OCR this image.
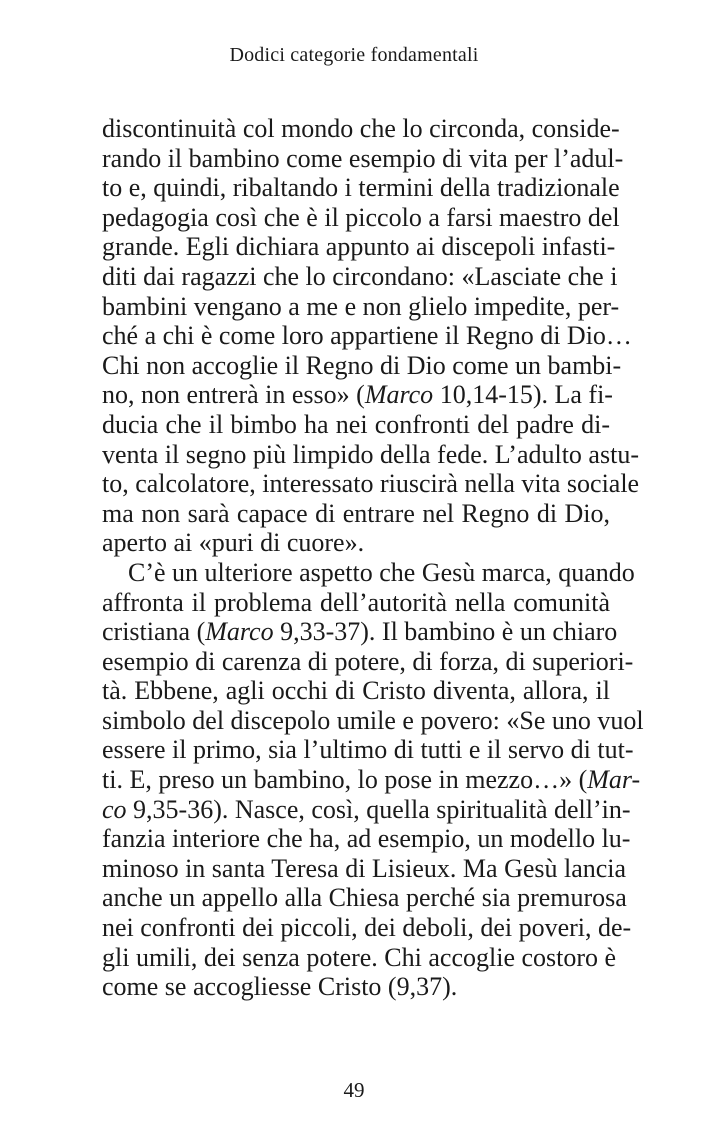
Dodici categorie fondamentali
discontinuità col mondo che lo circonda, conside-
rando il bambino come esempio di vita per l’adul-
to e, quindi, ribaltando i termini della tradizionale
pedagogia così che è il piccolo a farsi maestro del
grande. Egli dichiara appunto ai discepoli infasti-
diti dai ragazzi che lo circondano: «Lasciate che i
bambini vengano a me e non glielo impedite, per-
ché a chi è come loro appartiene il Regno di Dio…
Chi non accoglie il Regno di Dio come un bambi-
no, non entrerà in esso» (Marco 10,14-15). La fi-
ducia che il bimbo ha nei confronti del padre di-
venta il segno più limpido della fede. L’adulto astu-
to, calcolatore, interessato riuscirà nella vita sociale
ma non sarà capace di entrare nel Regno di Dio,
aperto ai «puri di cuore».
C’è un ulteriore aspetto che Gesù marca, quando
affronta il problema dell’autorità nella comunità
cristiana (Marco 9,33-37). Il bambino è un chiaro
esempio di carenza di potere, di forza, di superiori-
tà. Ebbene, agli occhi di Cristo diventa, allora, il
simbolo del discepolo umile e povero: «Se uno vuol
essere il primo, sia l’ultimo di tutti e il servo di tut-
ti. E, preso un bambino, lo pose in mezzo…» (Mar-
co 9,35-36). Nasce, così, quella spiritualità dell’in-
fanzia interiore che ha, ad esempio, un modello lu-
minoso in santa Teresa di Lisieux. Ma Gesù lancia
anche un appello alla Chiesa perché sia premurosa
nei confronti dei piccoli, dei deboli, dei poveri, de-
gli umili, dei senza potere. Chi accoglie costoro è
come se accogliesse Cristo (9,37).
49
